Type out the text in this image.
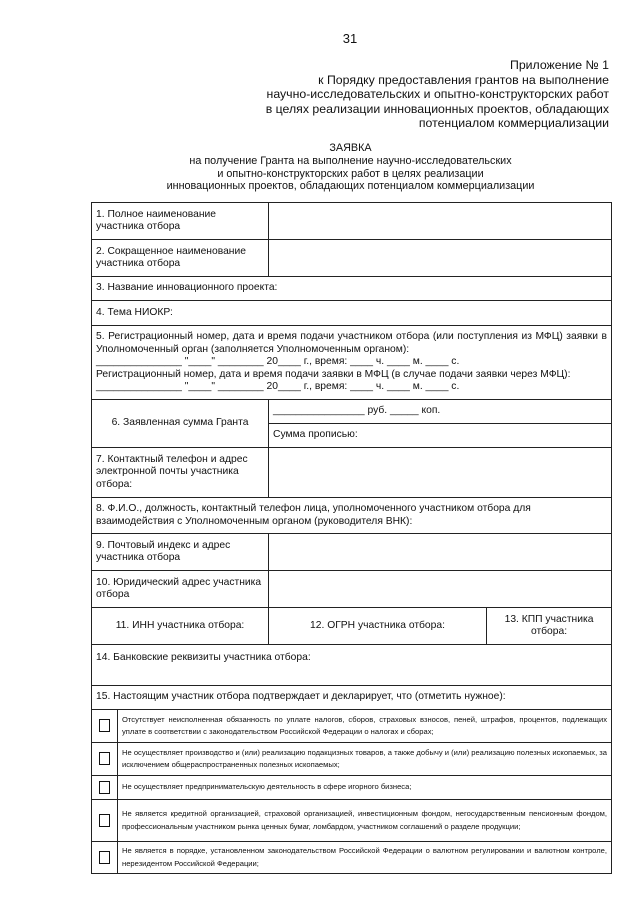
31
Приложение № 1
к Порядку предоставления грантов на выполнение
научно-исследовательских и опытно-конструкторских работ
в целях реализации инновационных проектов, обладающих
потенциалом коммерциализации
ЗАЯВКА
на получение Гранта на выполнение научно-исследовательских
и опытно-конструкторских работ в целях реализации
инновационных проектов, обладающих потенциалом коммерциализации
1. Полное наименование участника отбора			
2. Сокращенное наименование участника отбора			
3. Название инновационного проекта:			
4. Тема НИОКР:			

5. Регистрационный номер, дата и время подачи участником отбора (или поступления из МФЦ) заявки в Уполномоченный орган (заполняется Уполномоченным органом):
_______________ "____" ________ 20____ г., время: ____ ч. ____ м. ____ с.
Регистрационный номер, дата и время подачи заявки в МФЦ (в случае подачи заявки через МФЦ):
_______________ "____" ________ 20____ г., время: ____ ч. ____ м. ____ с.			

6. Заявленная сумма Гранта		________________ руб. _____ коп.	
		Сумма прописью:	
7. Контактный телефон и адрес электронной почты участника отбора:			
8. Ф.И.О., должность, контактный телефон лица, уполномоченного участником отбора для взаимодействия с Уполномоченным органом (руководителя ВНК):			
9. Почтовый индекс и адрес участника отбора			
10. Юридический адрес участника отбора			
11. ИНН участника отбора:		12. ОГРН участника отбора:	13. КПП участника отбора:
14. Банковские реквизиты участника отбора:			
15. Настоящим участник отбора подтверждает и декларирует, что (отметить нужное):			
	Отсутствует неисполненная обязанность по уплате налогов, сборов, страховых взносов, пеней, штрафов, процентов, подлежащих уплате в соответствии с законодательством Российской Федерации о налогах и сборах;		
	Не осуществляет производство и (или) реализацию подакцизных товаров, а также добычу и (или) реализацию полезных ископаемых, за исключением общераспространенных полезных ископаемых;		
	Не осуществляет предпринимательскую деятельность в сфере игорного бизнеса;		
	Не является кредитной организацией, страховой организацией, инвестиционным фондом, негосударственным пенсионным фондом, профессиональным участником рынка ценных бумаг, ломбардом, участником соглашений о разделе продукции;		
	Не является в порядке, установленном законодательством Российской Федерации о валютном регулировании и валютном контроле, нерезидентом Российской Федерации;		
